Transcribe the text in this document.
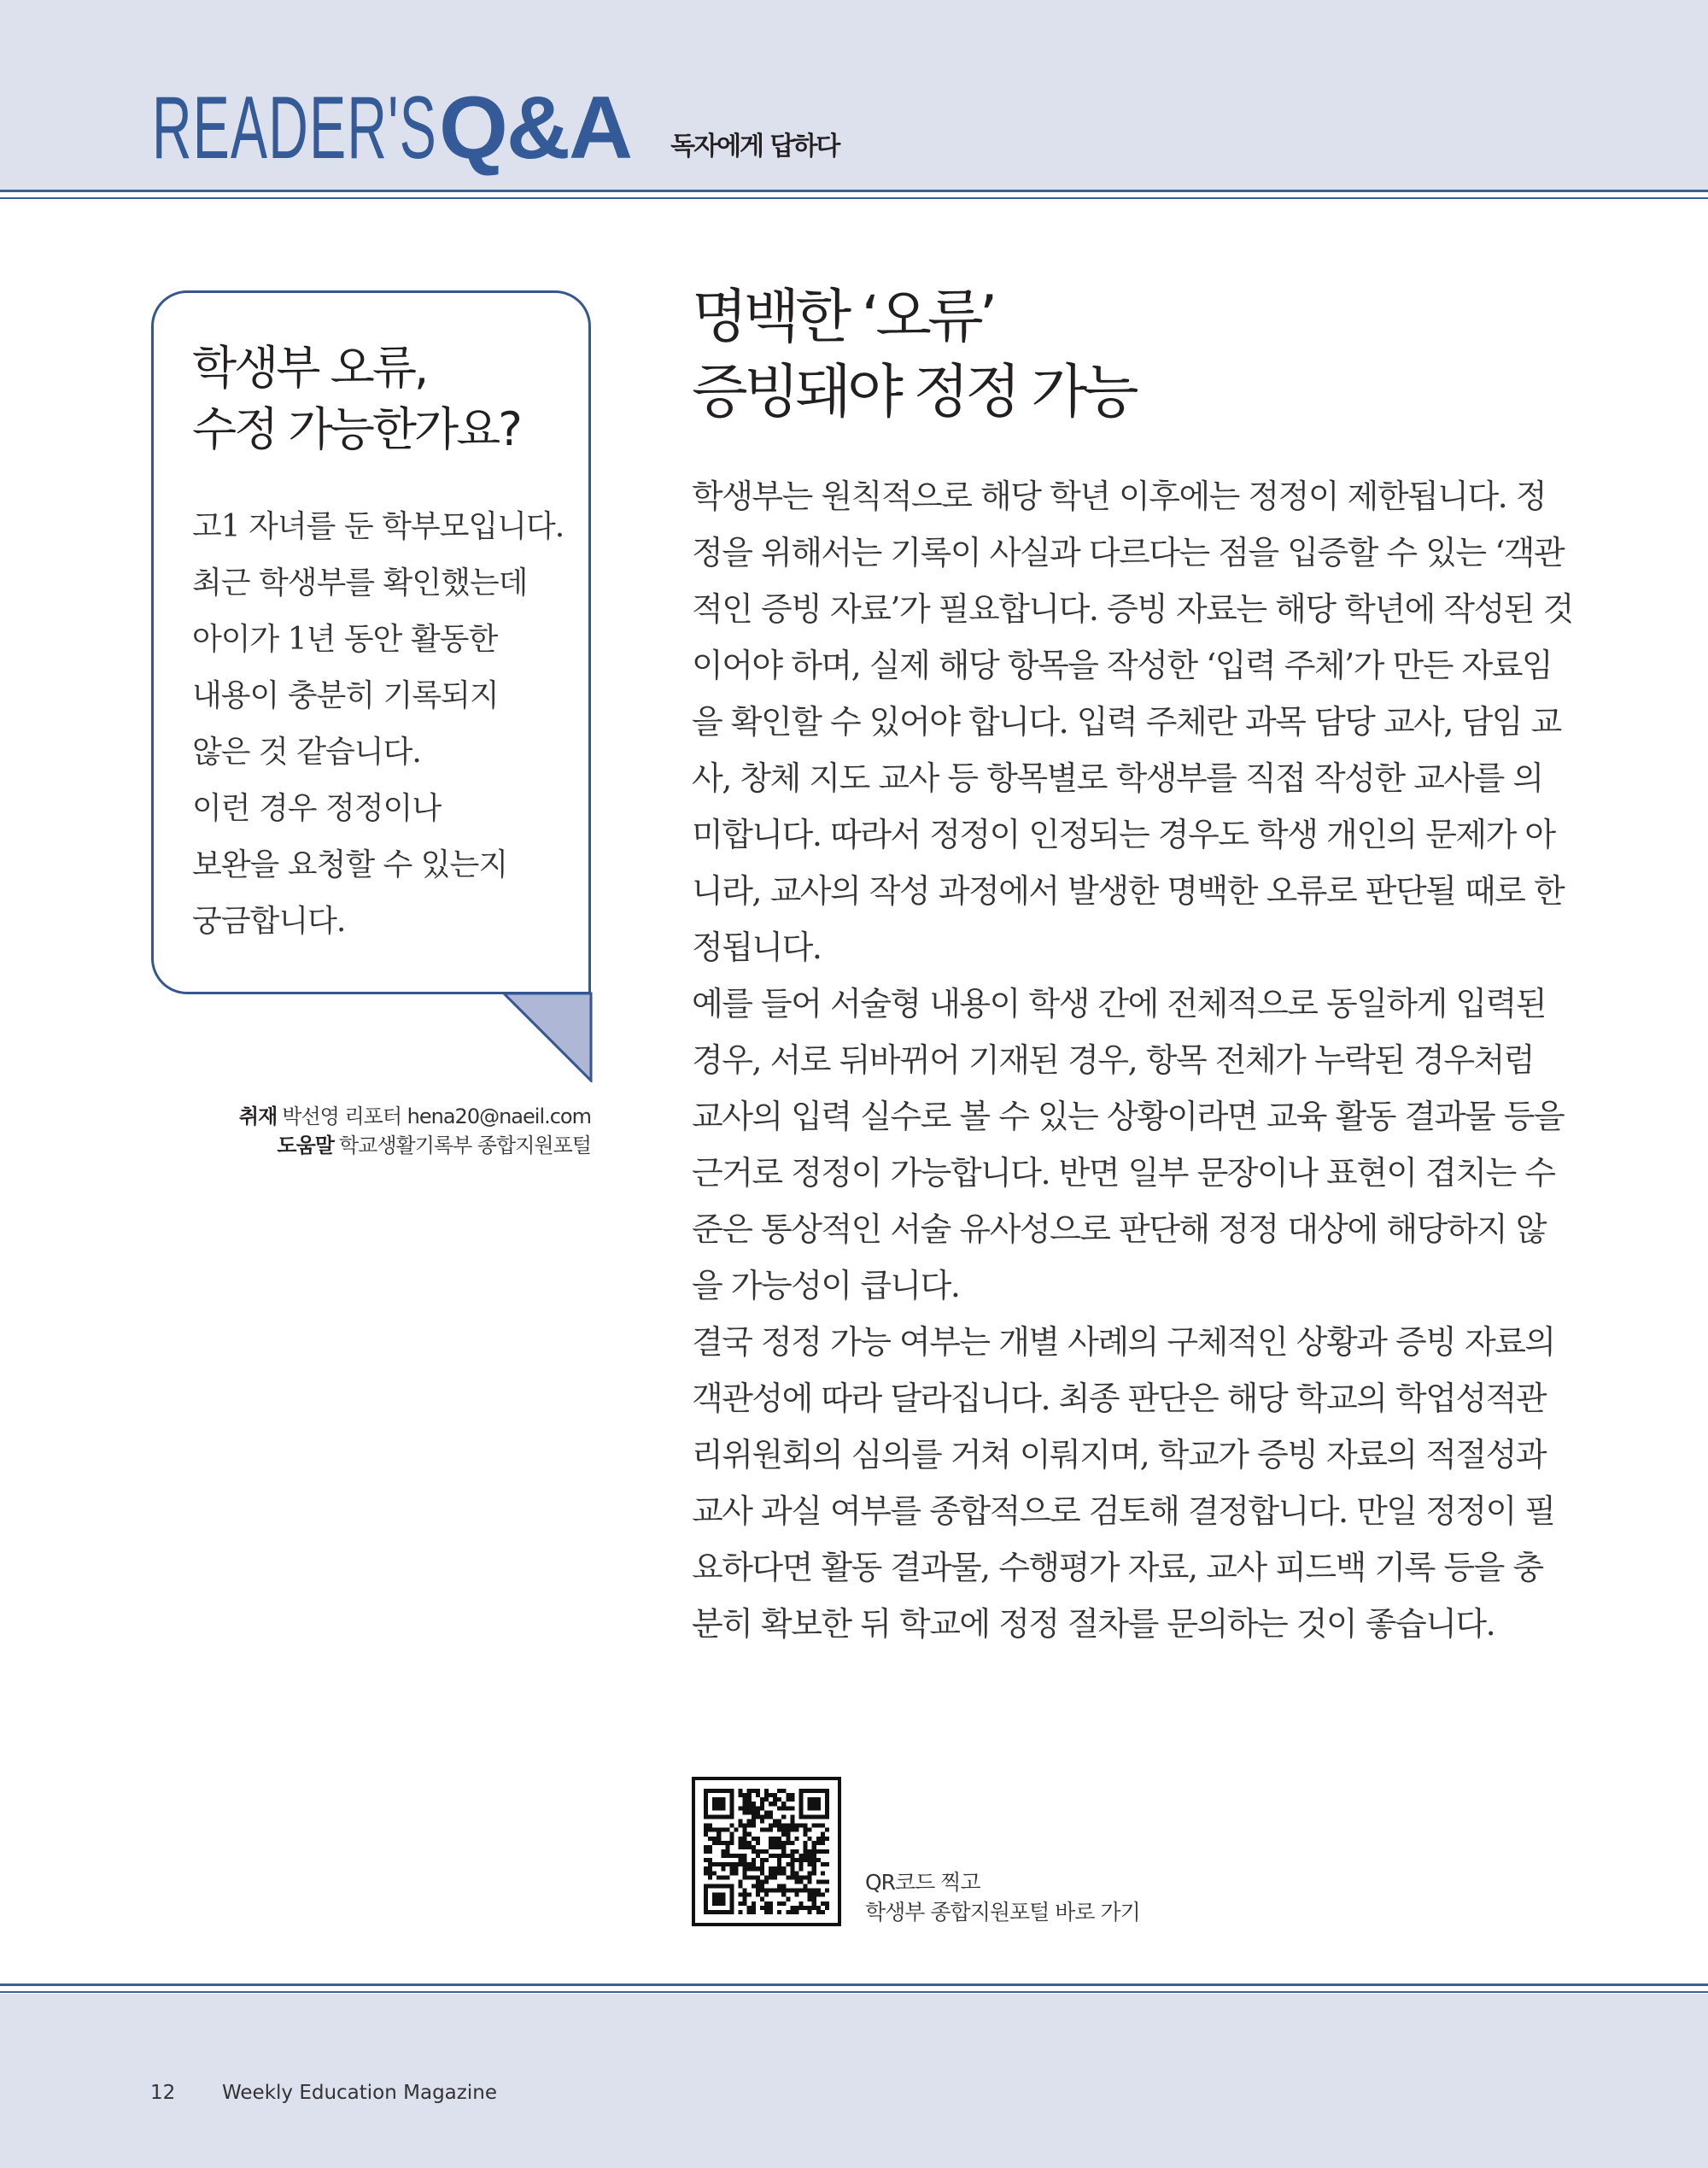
READER'S Q&A 독자에게 답하다
학생부 오류,
수정 가능한가요?
고1 자녀를 둔 학부모입니다.
최근 학생부를 확인했는데
아이가 1년 동안 활동한
내용이 충분히 기록되지
않은 것 같습니다.
이런 경우 정정이나
보완을 요청할 수 있는지
궁금합니다.
취재 박선영 리포터 hena20@naeil.com
도움말 학교생활기록부 종합지원포털
명백한 ‘오류’
증빙돼야 정정 가능
학생부는 원칙적으로 해당 학년 이후에는 정정이 제한됩니다. 정
정을 위해서는 기록이 사실과 다르다는 점을 입증할 수 있는 ‘객관
적인 증빙 자료’가 필요합니다. 증빙 자료는 해당 학년에 작성된 것
이어야 하며, 실제 해당 항목을 작성한 ‘입력 주체’가 만든 자료임
을 확인할 수 있어야 합니다. 입력 주체란 과목 담당 교사, 담임 교
사, 창체 지도 교사 등 항목별로 학생부를 직접 작성한 교사를 의
미합니다. 따라서 정정이 인정되는 경우도 학생 개인의 문제가 아
니라, 교사의 작성 과정에서 발생한 명백한 오류로 판단될 때로 한
정됩니다.
예를 들어 서술형 내용이 학생 간에 전체적으로 동일하게 입력된
경우, 서로 뒤바뀌어 기재된 경우, 항목 전체가 누락된 경우처럼
교사의 입력 실수로 볼 수 있는 상황이라면 교육 활동 결과물 등을
근거로 정정이 가능합니다. 반면 일부 문장이나 표현이 겹치는 수
준은 통상적인 서술 유사성으로 판단해 정정 대상에 해당하지 않
을 가능성이 큽니다.
결국 정정 가능 여부는 개별 사례의 구체적인 상황과 증빙 자료의
객관성에 따라 달라집니다. 최종 판단은 해당 학교의 학업성적관
리위원회의 심의를 거쳐 이뤄지며, 학교가 증빙 자료의 적절성과
교사 과실 여부를 종합적으로 검토해 결정합니다. 만일 정정이 필
요하다면 활동 결과물, 수행평가 자료, 교사 피드백 기록 등을 충
분히 확보한 뒤 학교에 정정 절차를 문의하는 것이 좋습니다.
QR코드 찍고
학생부 종합지원포털 바로 가기
12 Weekly Education Magazine
